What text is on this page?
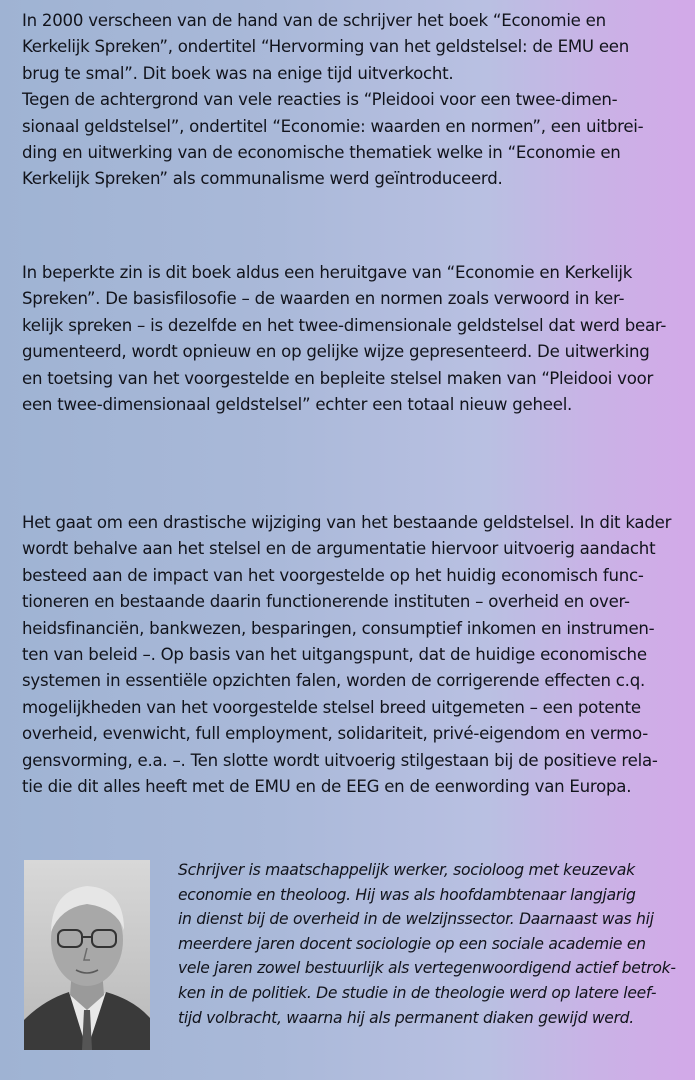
In 2000 verscheen van de hand van de schrijver het boek “Economie en
Kerkelijk Spreken”, ondertitel “Hervorming van het geldstelsel: de EMU een
brug te smal”. Dit boek was na enige tijd uitverkocht.
Tegen de achtergrond van vele reacties is “Pleidooi voor een twee-dimen-
sionaal geldstelsel”, ondertitel “Economie: waarden en normen”, een uitbrei-
ding en uitwerking van de economische thematiek welke in “Economie en
Kerkelijk Spreken” als communalisme werd geïntroduceerd.

In beperkte zin is dit boek aldus een heruitgave van “Economie en Kerkelijk
Spreken”. De basisfilosofie – de waarden en normen zoals verwoord in ker-
kelijk spreken – is dezelfde en het twee-dimensionale geldstelsel dat werd bear-
gumenteerd, wordt opnieuw en op gelijke wijze gepresenteerd. De uitwerking
en toetsing van het voorgestelde en bepleite stelsel maken van “Pleidooi voor
een twee-dimensionaal geldstelsel” echter een totaal nieuw geheel.

Het gaat om een drastische wijziging van het bestaande geldstelsel. In dit kader
wordt behalve aan het stelsel en de argumentatie hiervoor uitvoerig aandacht
besteed aan de impact van het voorgestelde op het huidig economisch func-
tioneren en bestaande daarin functionerende instituten – overheid en over-
heidsfinanciën, bankwezen, besparingen, consumptief inkomen en instrumen-
ten van beleid –. Op basis van het uitgangspunt, dat de huidige economische
systemen in essentiële opzichten falen, worden de corrigerende effecten c.q.
mogelijkheden van het voorgestelde stelsel breed uitgemeten – een potente
overheid, evenwicht, full employment, solidariteit, privé-eigendom en vermo-
gensvorming, e.a. –. Ten slotte wordt uitvoerig stilgestaan bij de positieve rela-
tie die dit alles heeft met de EMU en de EEG en de eenwording van Europa.

Schrijver is maatschappelijk werker, socioloog met keuzevak
economie en theoloog. Hij was als hoofdambtenaar langjarig
in dienst bij de overheid in de welzijnssector. Daarnaast was hij
meerdere jaren docent sociologie op een sociale academie en
vele jaren zowel bestuurlijk als vertegenwoordigend actief betrok-
ken in de politiek. De studie in de theologie werd op latere leef-
tijd volbracht, waarna hij als permanent diaken gewijd werd.
